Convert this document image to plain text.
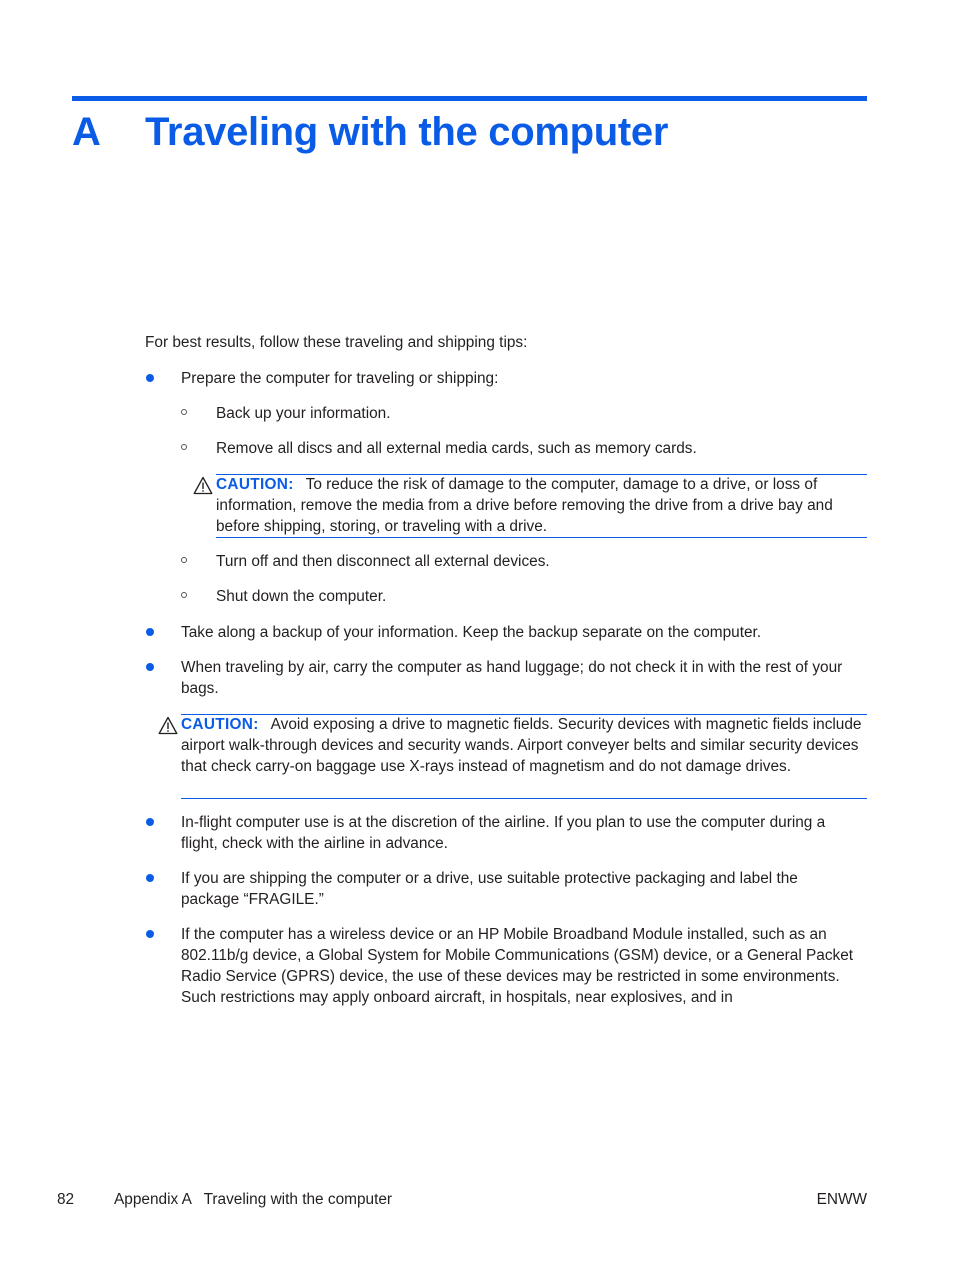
A Traveling with the computer
For best results, follow these traveling and shipping tips:
Prepare the computer for traveling or shipping:
Back up your information.
Remove all discs and all external media cards, such as memory cards.
CAUTION: To reduce the risk of damage to the computer, damage to a drive, or loss of information, remove the media from a drive before removing the drive from a drive bay and before shipping, storing, or traveling with a drive.
Turn off and then disconnect all external devices.
Shut down the computer.
Take along a backup of your information. Keep the backup separate on the computer.
When traveling by air, carry the computer as hand luggage; do not check it in with the rest of your bags.
CAUTION: Avoid exposing a drive to magnetic fields. Security devices with magnetic fields include airport walk-through devices and security wands. Airport conveyer belts and similar security devices that check carry-on baggage use X-rays instead of magnetism and do not damage drives.
In-flight computer use is at the discretion of the airline. If you plan to use the computer during a flight, check with the airline in advance.
If you are shipping the computer or a drive, use suitable protective packaging and label the package “FRAGILE.”
If the computer has a wireless device or an HP Mobile Broadband Module installed, such as an 802.11b/g device, a Global System for Mobile Communications (GSM) device, or a General Packet Radio Service (GPRS) device, the use of these devices may be restricted in some environments. Such restrictions may apply onboard aircraft, in hospitals, near explosives, and in
82	Appendix A   Traveling with the computer	ENWW
